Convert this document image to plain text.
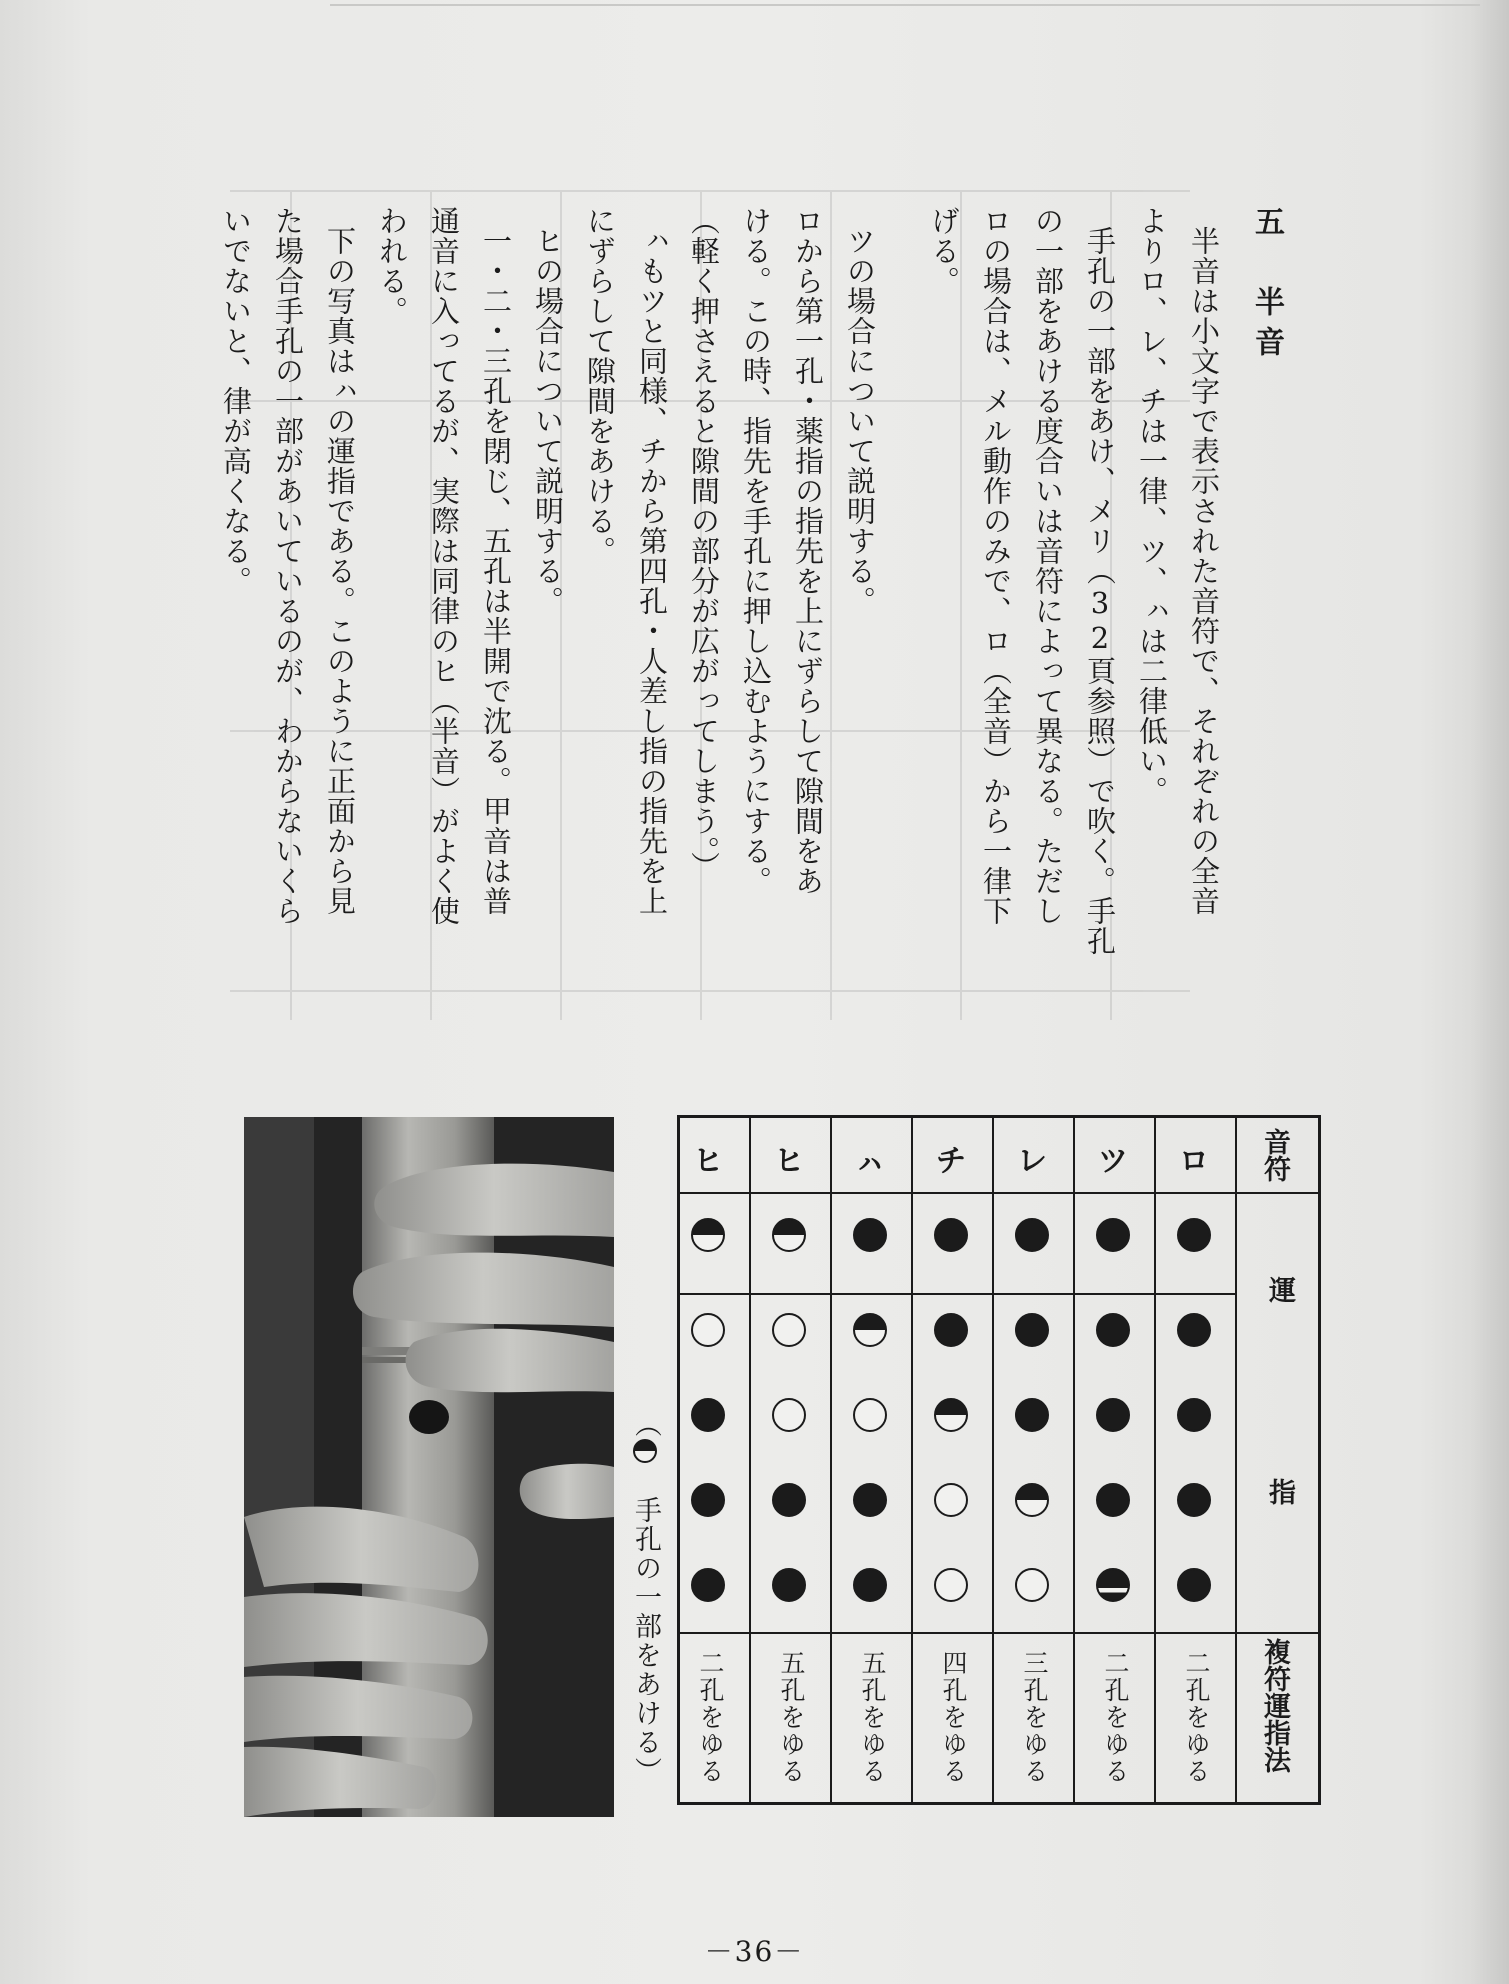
五　半音
半音は小文字で表示された音符で、それぞれの全音
よりロ、レ、チは一律、ツ、ㇵは二律低い。
手孔の一部をあけ、メリ（32頁参照）で吹く。手孔
の一部をあける度合いは音符によって異なる。ただし
ロの場合は、メル動作のみで、ロ（全音）から一律下
げる。
ツの場合について説明する。
ロから第一孔・薬指の指先を上にずらして隙間をあ
ける。この時、指先を手孔に押し込むようにする。
（軽く押さえると隙間の部分が広がってしまう。）
ㇵもツと同様、チから第四孔・人差し指の指先を上
にずらして隙間をあける。
ヒの場合について説明する。
一・二・三孔を閉じ、五孔は半開で沈る。甲音は普
通音に入ってるが、実際は同律のヒ（半音）がよく使
われる。
下の写真はㇵの運指である。このように正面から見
た場合手孔の一部があいているのが、わからないくら
いでないと、律が高くなる。
音符
運
指
複符運指法
ロ
二孔をゆる
ツ
二孔をゆる
レ
三孔をゆる
チ
四孔をゆる
ㇵ
五孔をゆる
ヒ
五孔をゆる
ヒ
二孔をゆる
（ 手孔の一部をあける）
－36－
